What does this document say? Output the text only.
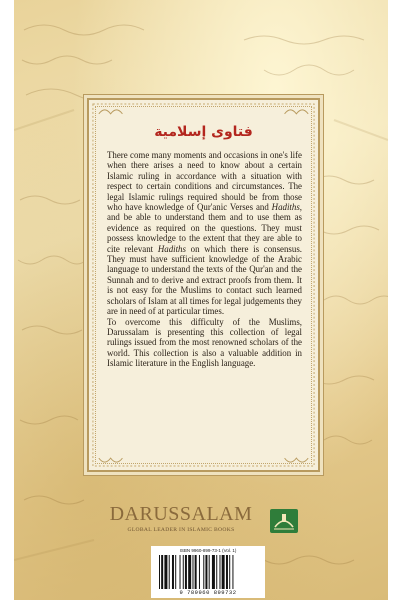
فتاوى إسلامية

There come many moments and occasions in one's life when there arises a need to know about a certain Islamic ruling in accordance with a situation with respect to certain conditions and circumstances. The legal Islamic rulings required should be from those who have knowledge of Qur'anic Verses and Hadiths, and be able to understand them and to use them as evidence as required on the questions. They must possess knowledge to the extent that they are able to cite relevant Hadiths on which there is consensus. They must have sufficient knowledge of the Arabic language to understand the texts of the Qur'an and the Sunnah and to derive and extract proofs from them. It is not easy for the Muslims to contact such learned scholars of Islam at all times for legal judgements they are in need of at particular times.

To overcome this difficulty of the Muslims, Darussalam is presenting this collection of legal rulings issued from the most renowned scholars of the world. This collection is also a valuable addition in Islamic literature in the English language.

DARUSSALAM
GLOBAL LEADER IN ISLAMIC BOOKS
ISBN 9960-899-73-1 (Vol. 1)
9 789960 899732
